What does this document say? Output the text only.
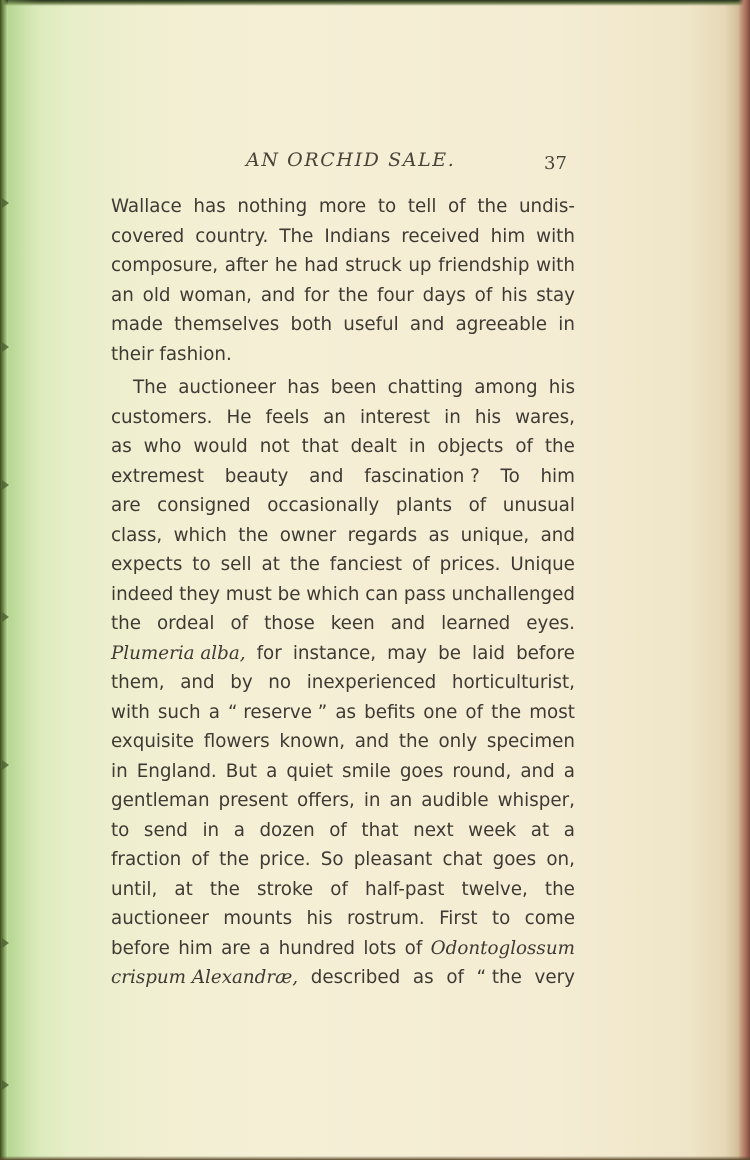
AN ORCHID SALE.	37
Wallace has nothing more to tell of the undis-
covered country. The Indians received him with
composure, after he had struck up friendship with
an old woman, and for the four days of his stay
made themselves both useful and agreeable in
their fashion.
The auctioneer has been chatting among his
customers. He feels an interest in his wares,
as who would not that dealt in objects of the
extremest beauty and fascination ? To him
are consigned occasionally plants of unusual
class, which the owner regards as unique, and
expects to sell at the fanciest of prices. Unique
indeed they must be which can pass unchallenged
the ordeal of those keen and learned eyes.
Plumeria alba, for instance, may be laid before
them, and by no inexperienced horticulturist,
with such a “ reserve ” as befits one of the most
exquisite flowers known, and the only specimen
in England. But a quiet smile goes round, and a
gentleman present offers, in an audible whisper,
to send in a dozen of that next week at a
fraction of the price. So pleasant chat goes on,
until, at the stroke of half-past twelve, the
auctioneer mounts his rostrum. First to come
before him are a hundred lots of Odontoglossum
crispum Alexandræ, described as of “ the very
